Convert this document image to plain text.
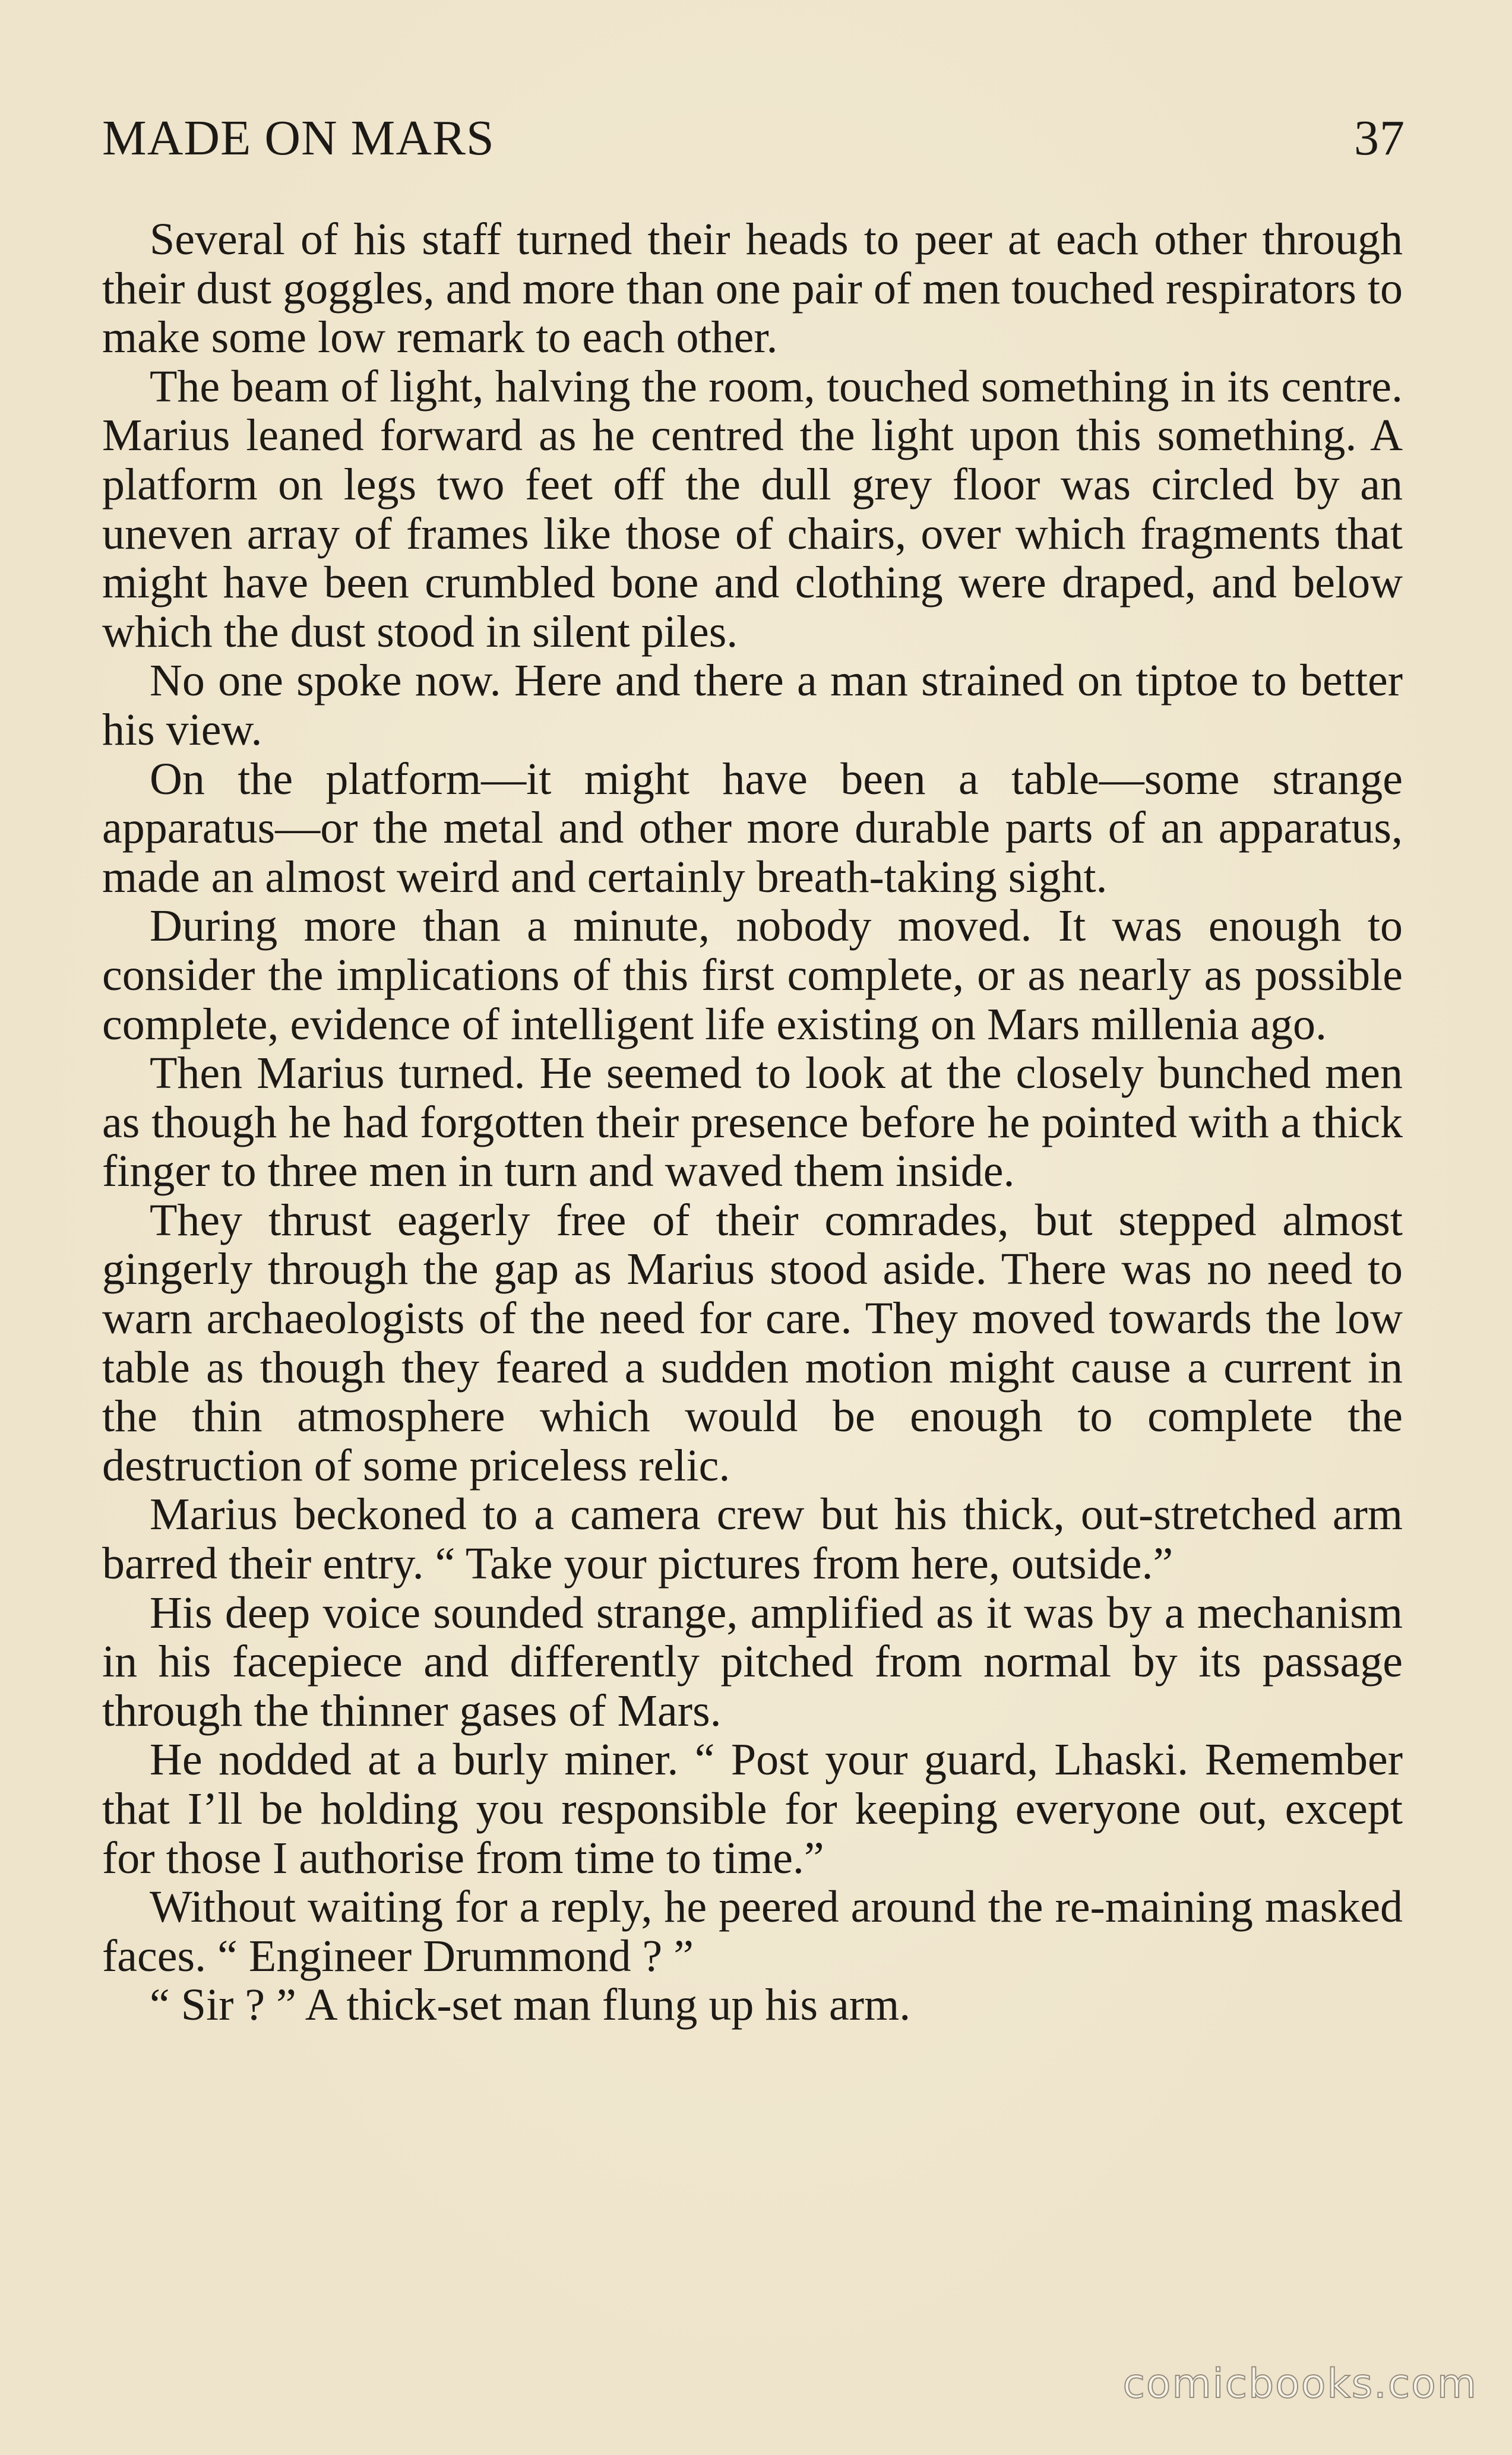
MADE ON MARS	37

Several of his staff turned their heads to peer at each other through their dust goggles, and more than one pair of men touched respirators to make some low remark to each other.

The beam of light, halving the room, touched something in its centre. Marius leaned forward as he centred the light upon this something. A platform on legs two feet off the dull grey floor was circled by an uneven array of frames like those of chairs, over which fragments that might have been crumbled bone and clothing were draped, and below which the dust stood in silent piles.

No one spoke now. Here and there a man strained on tiptoe to better his view.

On the platform—it might have been a table—some strange apparatus—or the metal and other more durable parts of an apparatus, made an almost weird and certainly breath-taking sight.

During more than a minute, nobody moved. It was enough to consider the implications of this first complete, or as nearly as possible complete, evidence of intelligent life existing on Mars millenia ago.

Then Marius turned. He seemed to look at the closely bunched men as though he had forgotten their presence before he pointed with a thick finger to three men in turn and waved them inside.

They thrust eagerly free of their comrades, but stepped almost gingerly through the gap as Marius stood aside. There was no need to warn archaeologists of the need for care. They moved towards the low table as though they feared a sudden motion might cause a current in the thin atmosphere which would be enough to complete the destruction of some priceless relic.

Marius beckoned to a camera crew but his thick, out-stretched arm barred their entry. “ Take your pictures from here, outside.”

His deep voice sounded strange, amplified as it was by a mechanism in his facepiece and differently pitched from normal by its passage through the thinner gases of Mars.

He nodded at a burly miner. “ Post your guard, Lhaski. Remember that I’ll be holding you responsible for keeping everyone out, except for those I authorise from time to time.”

Without waiting for a reply, he peered around the re-maining masked faces. “ Engineer Drummond ? ”

“ Sir ? ” A thick-set man flung up his arm.

comicbooks.com
